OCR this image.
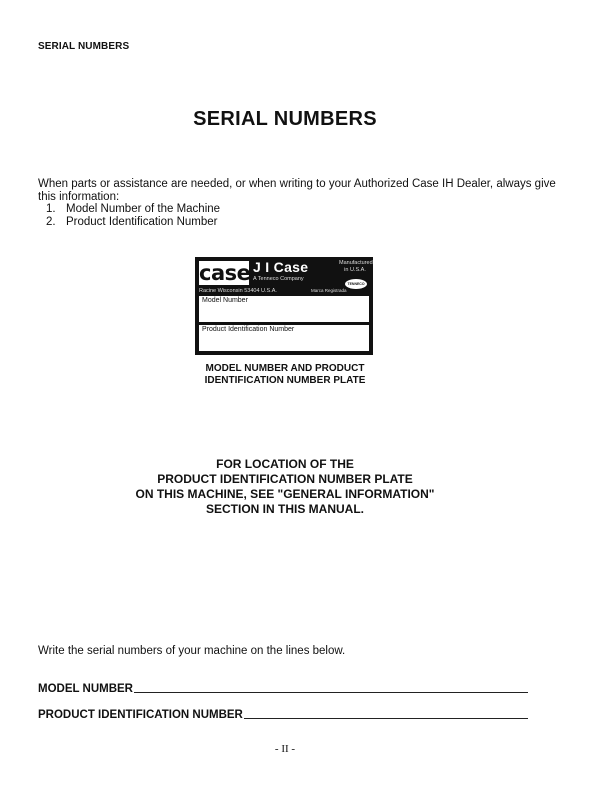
SERIAL NUMBERS
SERIAL NUMBERS
When parts or assistance are needed, or when writing to your Authorized Case IH Dealer, always give this information:
1. Model Number of the Machine
2. Product Identification Number
case J I Case
A Tenneco Company
Manufactured in U.S.A.
TENNECO
Racine Wisconsin 53404 U.S.A.	Marca Registrada
Model Number
Product Identification Number
MODEL NUMBER AND PRODUCT
IDENTIFICATION NUMBER PLATE
FOR LOCATION OF THE
PRODUCT IDENTIFICATION NUMBER PLATE
ON THIS MACHINE, SEE "GENERAL INFORMATION"
SECTION IN THIS MANUAL.
Write the serial numbers of your machine on the lines below.
MODEL NUMBER
PRODUCT IDENTIFICATION NUMBER
- II -
